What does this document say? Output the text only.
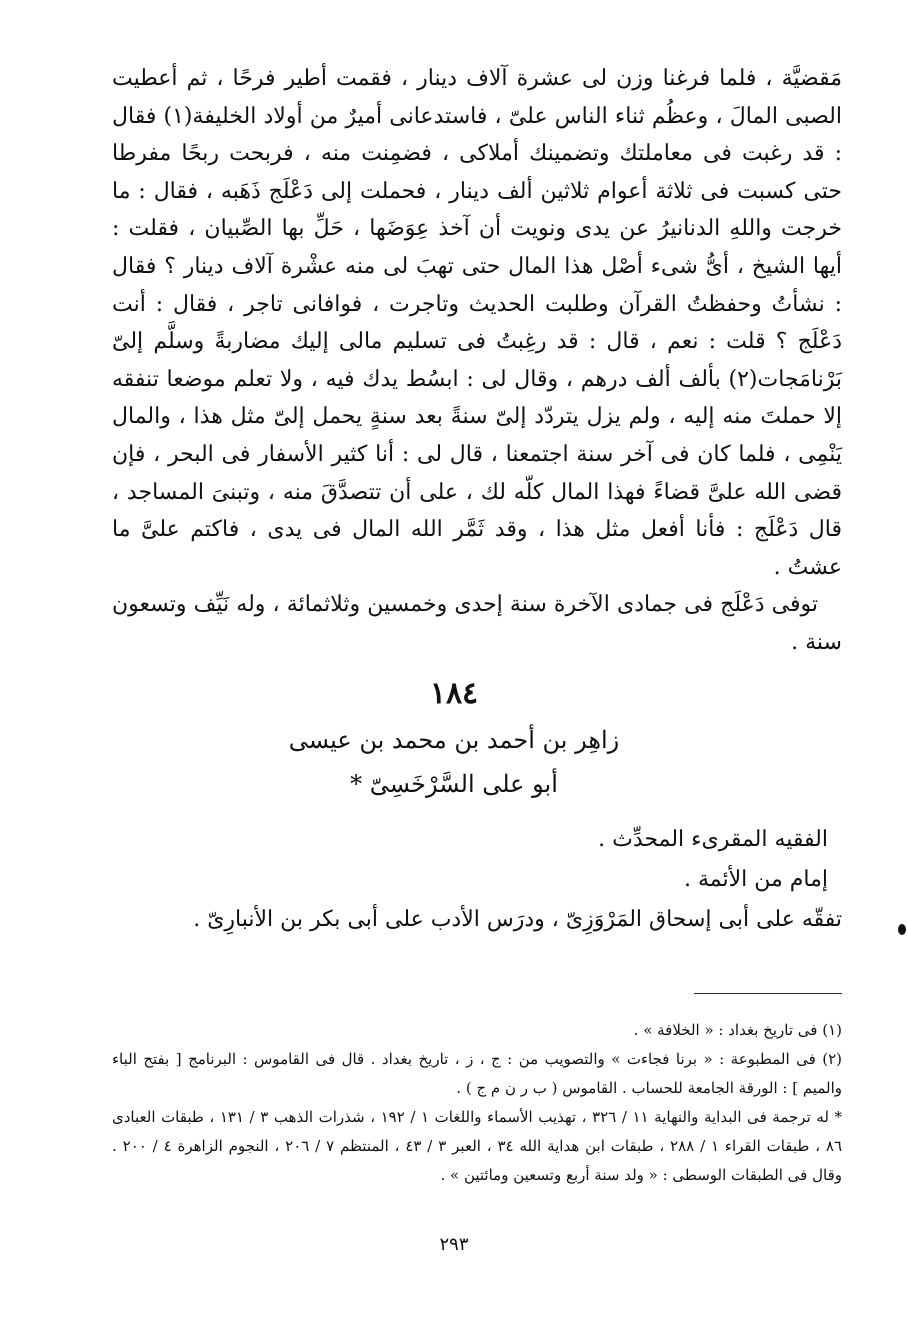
مَقضيَّة ، فلما فرغنا وزن لى عشرة آلاف دينار ، فقمت أطير فرحًا ، ثم أعطيت الصبى المالَ ، وعظُم ثناء الناس علىّ ، فاستدعانى أميرٌ من أولاد الخليفة(١) فقال : قد رغبت فى معاملتك وتضمينك أملاكى ، فضمِنت منه ، فربحت ربحًا مفرطا حتى كسبت فى ثلاثة أعوام ثلاثين ألف دينار ، فحملت إلى دَعْلَج ذَهَبه ، فقال : ما خرجت واللهِ الدنانيرُ عن يدى ونويت أن آخذ عِوَضَها ، حَلِّ بها الصِّبيان ، فقلت : أيها الشيخ ، أىُّ شىء أصْل هذا المال حتى تهبَ لى منه عشْرة آلاف دينار ؟ فقال : نشأتُ وحفظتُ القرآن وطلبت الحديث وتاجرت ، فوافانى تاجر ، فقال : أنت دَعْلَج ؟ قلت : نعم ، قال : قد رغِبتُ فى تسليم مالى إليك مضاربةً وسلَّم إلىّ بَرْنامَجات(٢) بألف ألف درهم ، وقال لى : ابسُط يدك فيه ، ولا تعلم موضعا تنفقه إلا حملتَ منه إليه ، ولم يزل يتردّد إلىّ سنةً بعد سنةٍ يحمل إلىّ مثل هذا ، والمال يَنْمِى ، فلما كان فى آخر سنة اجتمعنا ، قال لى : أنا كثير الأسفار فى البحر ، فإن قضى الله علىَّ قضاءً فهذا المال كلّه لك ، على أن تتصدَّقَ منه ، وتبنىَ المساجد ، قال دَعْلَج : فأنا أفعل مثل هذا ، وقد ثَمَّر الله المال فى يدى ، فاكتم علىَّ ما عشتُ .

توفى دَعْلَج فى جمادى الآخرة سنة إحدى وخمسين وثلاثمائة ، وله نَيِّف وتسعون سنة .

١٨٤
زاهِر بن أحمد بن محمد بن عيسى
أبو على السَّرْخَسِىّ *

الفقيه المقرىء المحدِّث .

إمام من الأئمة .

تفقّه على أبى إسحاق المَرْوَزِىّ ، ودرَس الأدب على أبى بكر بن الأنبارِىّ .

(١) فى تاريخ بغداد : « الخلافة » .

(٢) فى المطبوعة : « برنا فجاءت » والتصويب من : ج ، ز ، تاريخ بغداد . قال فى القاموس : البرنامج [ بفتح الباء والميم ] : الورقة الجامعة للحساب . القاموس ( ب ر ن م ج ) .

* له ترجمة فى البداية والنهاية ١١ / ٣٢٦ ، تهذيب الأسماء واللغات ١ / ١٩٢ ، شذرات الذهب ٣ / ١٣١ ، طبقات العبادى ٨٦ ، طبقات القراء ١ / ٢٨٨ ، طبقات ابن هداية الله ٣٤ ، العبر ٣ / ٤٣ ، المنتظم ٧ / ٢٠٦ ، النجوم الزاهرة ٤ / ٢٠٠ . وقال فى الطبقات الوسطى : « ولد سنة أربع وتسعين ومائتين » .

٢٩٣
